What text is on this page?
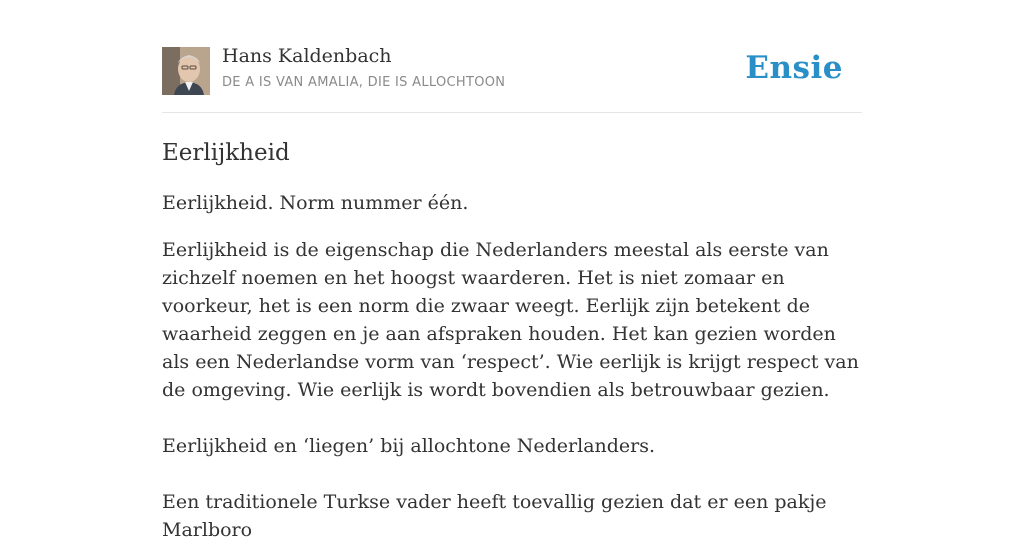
Hans Kaldenbach
DE A IS VAN AMALIA, DIE IS ALLOCHTOON	Ensie
Eerlijkheid

Eerlijkheid. Norm nummer één.

Eerlijkheid is de eigenschap die Nederlanders meestal als eerste van zichzelf noemen en het hoogst waarderen. Het is niet zomaar en voorkeur, het is een norm die zwaar weegt. Eerlijk zijn betekent de waarheid zeggen en je aan afspraken houden. Het kan gezien worden als een Nederlandse vorm van ‘respect’. Wie eerlijk is krijgt respect van de omgeving. Wie eerlijk is wordt bovendien als betrouwbaar gezien.

Eerlijkheid en ‘liegen’ bij allochtone Nederlanders.

Een traditionele Turkse vader heeft toevallig gezien dat er een pakje Marlboro
